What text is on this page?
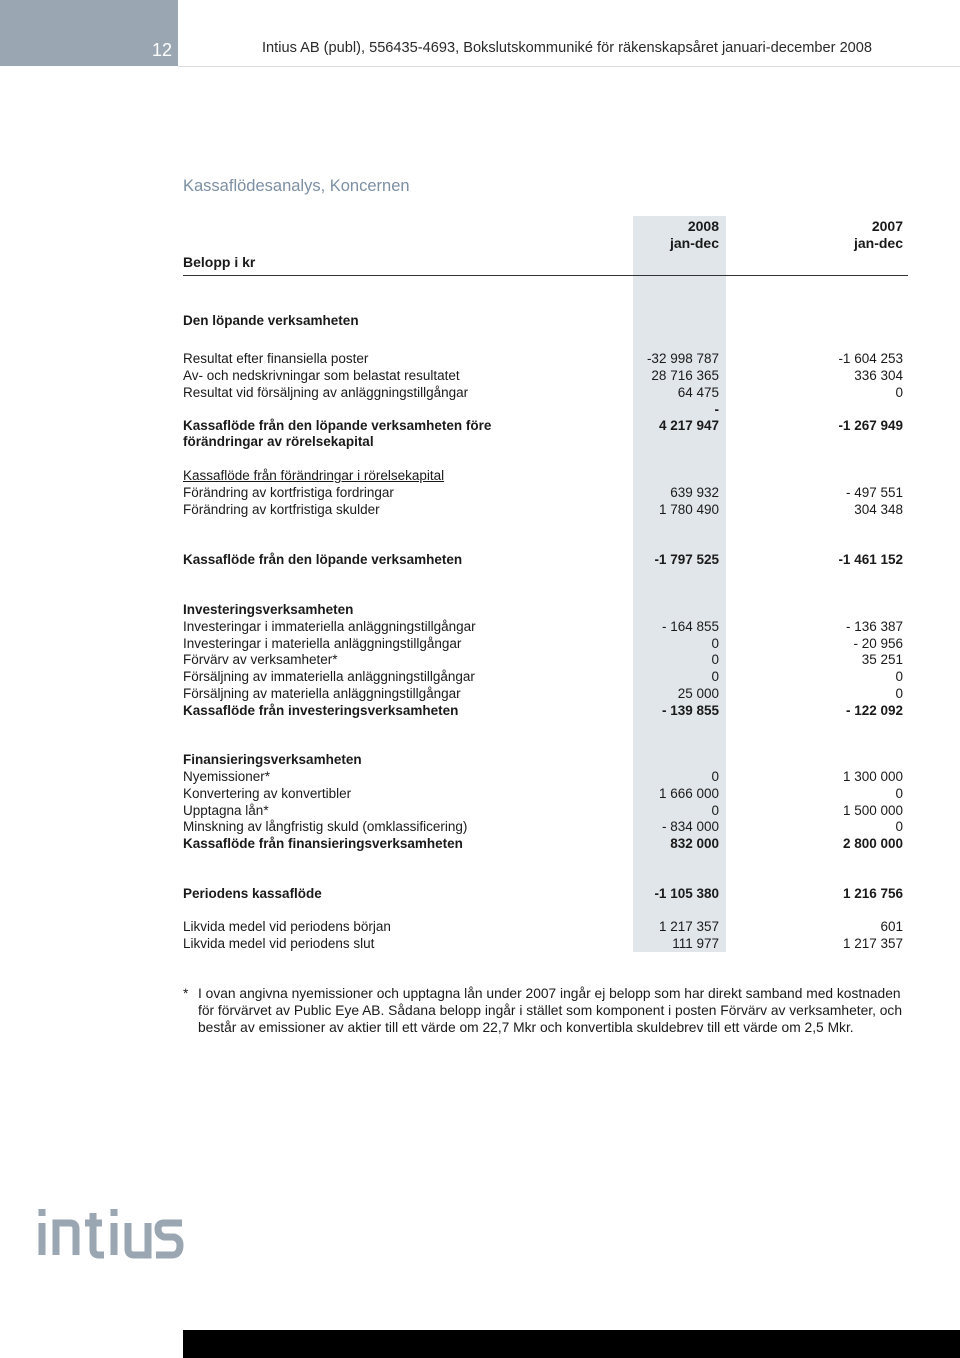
12	Intius AB (publ), 556435-4693, Bokslutskommuniké för räkenskapsåret januari-december 2008
Kassaflödesanalys, Koncernen
Belopp i kr
2008
jan-dec
2007
jan-dec
Den löpande verksamheten
Resultat efter finansiella poster	-32 998 787	-1 604 253
Av- och nedskrivningar som belastat resultatet	28 716 365	336 304
Resultat vid försäljning av anläggningstillgångar	64 475	0
-
Kassaflöde från den löpande verksamheten före	4 217 947	-1 267 949
förändringar av rörelsekapital
Kassaflöde från förändringar i rörelsekapital
Förändring av kortfristiga fordringar	639 932	- 497 551
Förändring av kortfristiga skulder	1 780 490	304 348
Kassaflöde från den löpande verksamheten	-1 797 525	-1 461 152
Investeringsverksamheten
Investeringar i immateriella anläggningstillgångar	- 164 855	- 136 387
Investeringar i materiella anläggningstillgångar	0	- 20 956
Förvärv av verksamheter*	0	35 251
Försäljning av immateriella anläggningstillgångar	0	0
Försäljning av materiella anläggningstillgångar	25 000	0
Kassaflöde från investeringsverksamheten	- 139 855	- 122 092
Finansieringsverksamheten
Nyemissioner*	0	1 300 000
Konvertering av konvertibler	1 666 000	0
Upptagna lån*	0	1 500 000
Minskning av långfristig skuld (omklassificering)	- 834 000	0
Kassaflöde från finansieringsverksamheten	832 000	2 800 000
Periodens kassaflöde	-1 105 380	1 216 756
Likvida medel vid periodens början	1 217 357	601
Likvida medel vid periodens slut	111 977	1 217 357
* I ovan angivna nyemissioner och upptagna lån under 2007 ingår ej belopp som har direkt samband med kostnaden för förvärvet av Public Eye AB. Sådana belopp ingår i stället som komponent i posten Förvärv av verksamheter, och består av emissioner av aktier till ett värde om 22,7 Mkr och konvertibla skuldebrev till ett värde om 2,5 Mkr.
